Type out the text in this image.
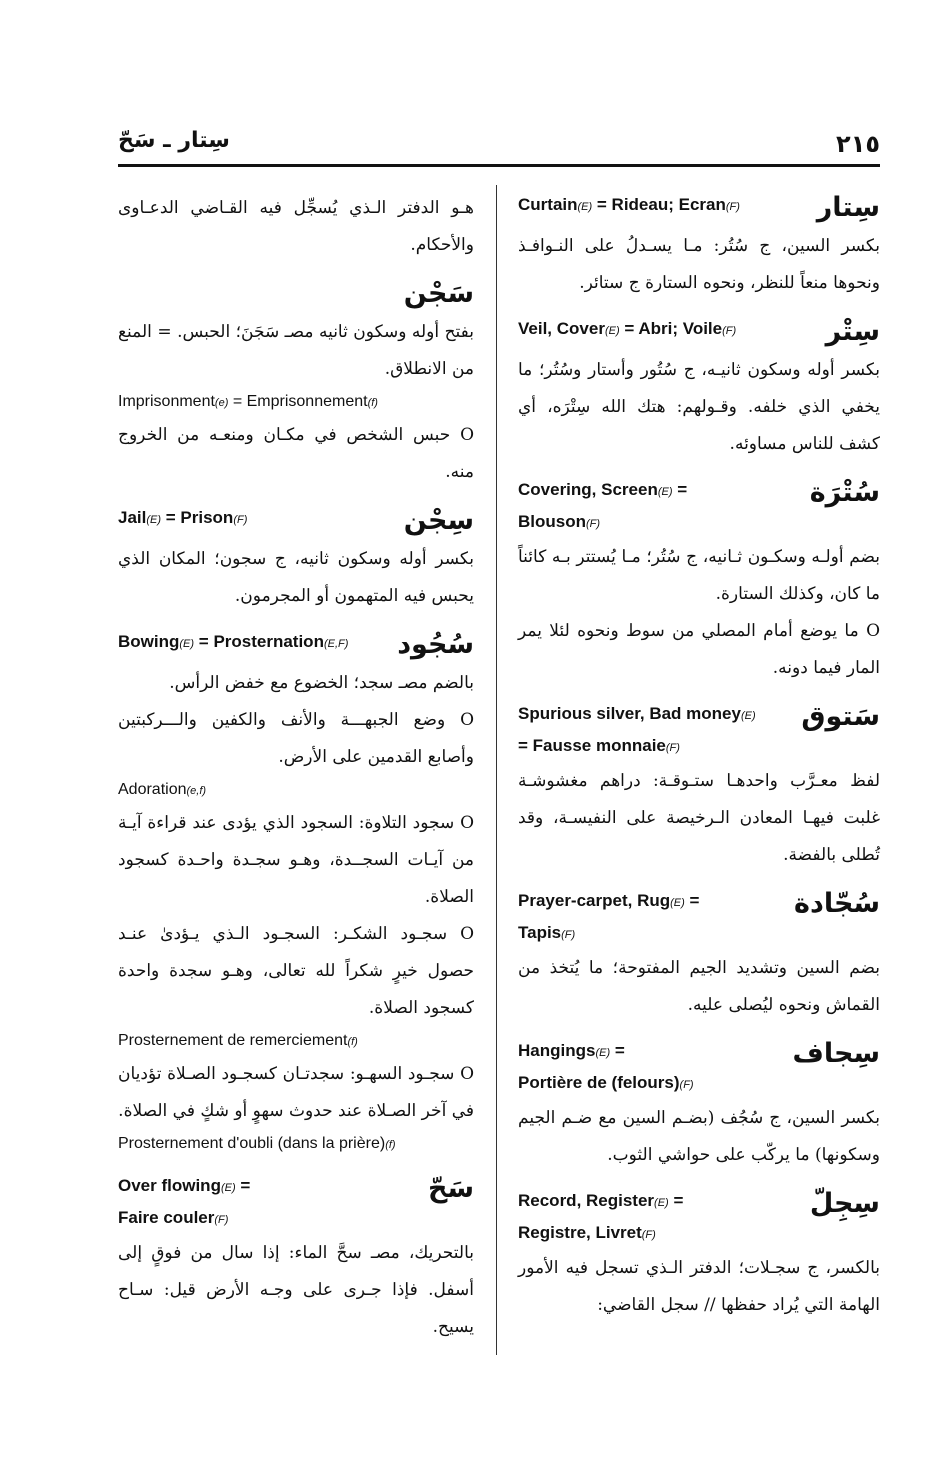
٢١٥
سِتار ـ سَحّ
Curtain(E) = Rideau; Ecran(F)	سِتار
بكسر السين، ج سُتُر: مـا يسـدلُ على النـوافـذ ونحوها منعاً للنظر، ونحوه الستارة ج ستائر.
Veil, Cover(E) = Abri; Voile(F)	سِتْر
بكسر أوله وسكون ثانيـه، ج سُتُور وأستار وسُتُر؛ ما يخفي الذي خلفه. وقـولهم: هتك الله سِتْرَه، أي كشف للناس مساوئه.
Covering, Screen(E) =
Blouson(F)
سُتْرَة
بضم أولـه وسكـون ثـانيه، ج سُتُر؛ مـا يُستتر بـه كائناً ما كان، وكذلك الستارة.
O ما يوضع أمام المصلي من سوط ونحوه لئلا يمر المار فيما دونه.
Spurious silver, Bad money(E) = Fausse monnaie(F)
سَتوق
لفظ معـرَّب واحدهـا ستـوقـة: دراهم مغشوشـة غلبت فيهـا المعادن الـرخيصة على النفيسـة، وقد تُطلى بالفضة.
Prayer-carpet, Rug(E) =
Tapis(F)
سُجّادة
بضم السين وتشديد الجيم المفتوحة؛ ما يُتخذ من القماش ونحوه ليُصلى عليه.
Hangings(E) =
Portière de (felours)(F)
سِجاف
بكسر السين، ج سُجُف (بضـم السين مع ضـم الجيم وسكونها) ما يركّب على حواشي الثوب.
Record, Register(E) =
Registre, Livret(F)
سِجِلّ
بالكسر، ج سجـلات؛ الدفتر الـذي تسجل فيه الأمور الهامة التي يُراد حفظها // سجل القاضي:
هـو الدفتر الـذي يُسجِّل فيه القـاضي الدعـاوى والأحكام.
سَجْن
بفتح أوله وسكون ثانيه مصـ سَجَنَ؛ الحبس. = المنع من الانطلاق.
Imprisonment(e) = Emprisonnement(f)
O حبس الشخص في مكـان ومنعـه من الخروج منه.
Jail(E) = Prison(F)	سِجْن
بكسر أوله وسكون ثانيه، ج سجون؛ المكان الذي يحبس فيه المتهمون أو المجرمون.
Bowing(E) = Prosternation(E,F) سُجُود
بالضم مصـ سجد؛ الخضوع مع خفض الرأس.
O وضع الجبهـــة والأنف والكفين والـــركبتين وأصابع القدمين على الأرض.
Adoration(e,f)
O سجود التلاوة: السجود الذي يؤدى عند قراءة آيـة من آيـات السجــدة، وهـو سجـدة واحـدة كسجود الصلاة.
O سجـود الشكـر: السجـود الـذي يـؤدىٰ عنـد حصول خيرٍ شكراً لله تعالى، وهـو سجدة واحدة كسجود الصلاة.
Prosternement de remerciement(f)
O سجـود السهـو: سجدتـان كسجـود الصـلاة تؤديان في آخر الصـلاة عند حدوث سهوٍ أو شكٍ في الصلاة.
Prosternement d'oubli (dans la prière)(f)
Over flowing(E) =
Faire couler(F)
سَحّ
بالتحريك، مصـ سحَّ الماء: إذا سال من فوقٍ إلى أسفل. فإذا جـرى على وجـه الأرض قيل: سـاح يسيح.
